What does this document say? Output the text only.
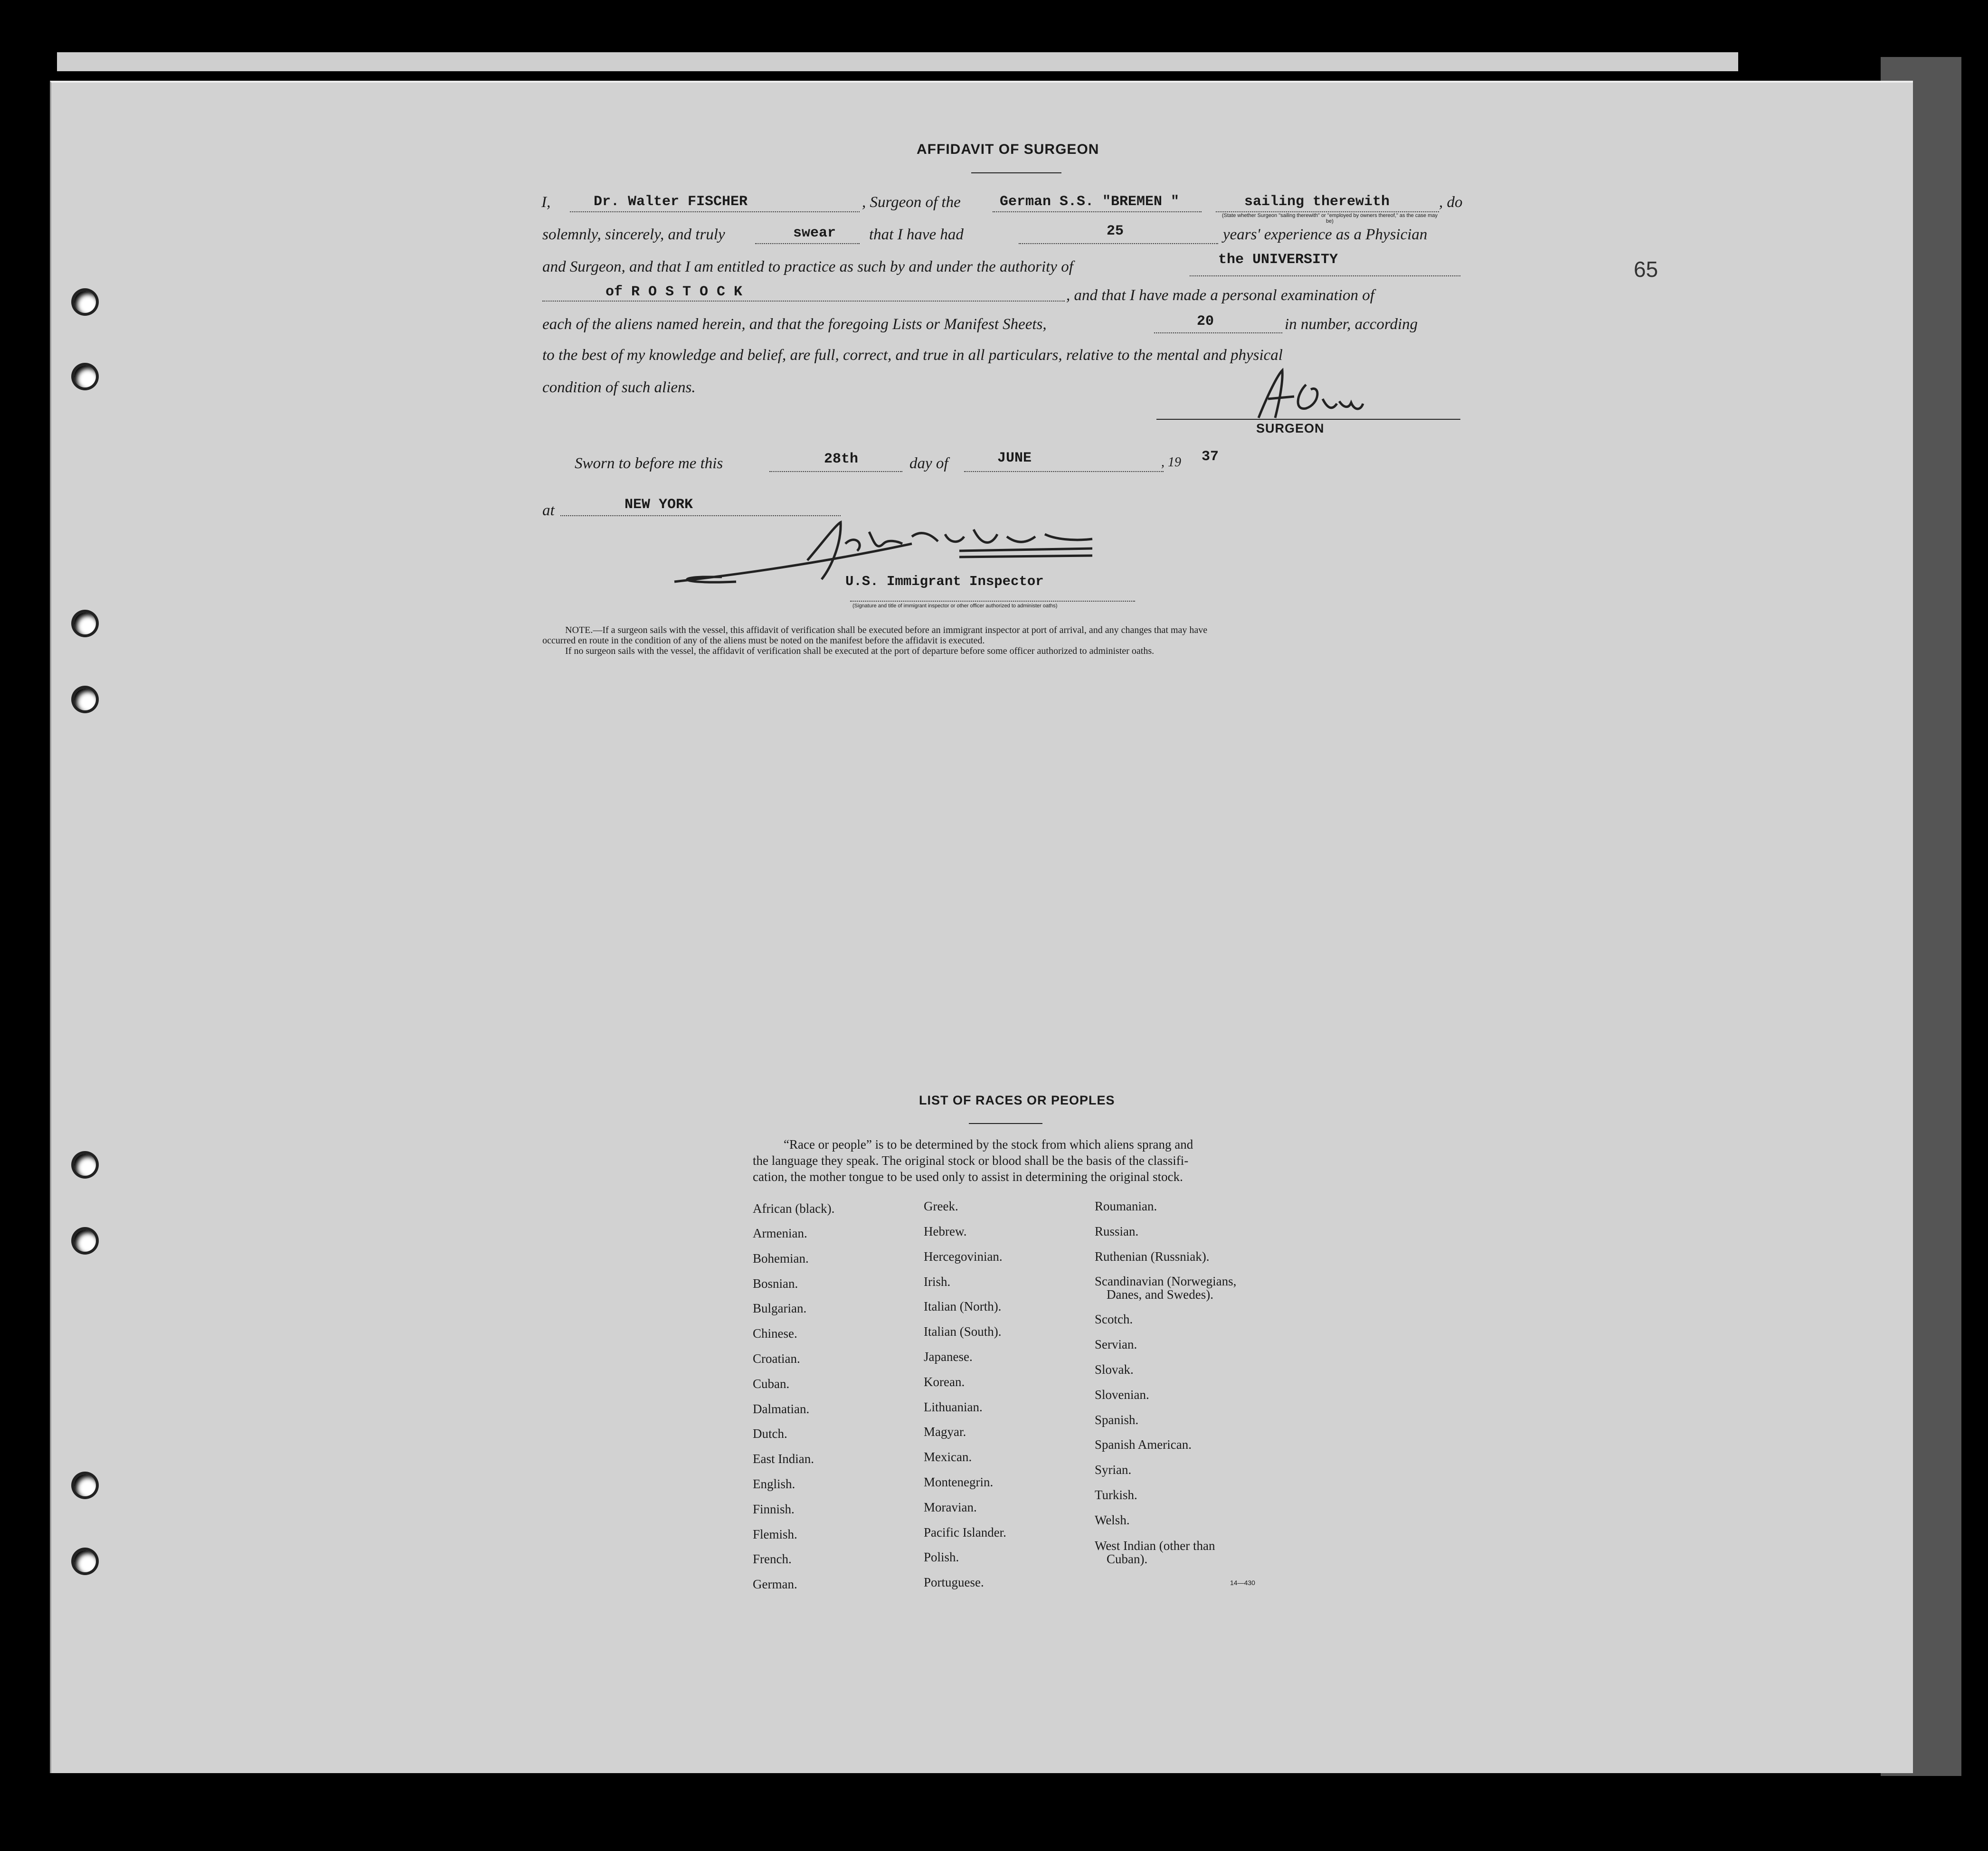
65
AFFIDAVIT OF SURGEON
I,	Dr. Walter FISCHER	, Surgeon of the	German S.S. "BREMEN "	sailing therewith	, do
(State whether Surgeon "sailing therewith" or "employed by owners thereof," as the case may be)
solemnly, sincerely, and truly	swear that I have had	25	years' experience as a Physician
and Surgeon, and that I am entitled to practice as such by and under the authority of	the UNIVERSITY
of R O S T O C K	, and that I have made a personal examination of
each of the aliens named herein, and that the foregoing Lists or Manifest Sheets,	20	in number, according
to the best of my knowledge and belief, are full, correct, and true in all particulars, relative to the mental and physical
condition of such aliens.
SURGEON
Sworn to before me this	28th	day of	JUNE	, 19 37
at	NEW YORK
U.S. Immigrant Inspector
(Signature and title of immigrant inspector or other officer authorized to administer oaths)
NOTE.—If a surgeon sails with the vessel, this affidavit of verification shall be executed before an immigrant inspector at port of arrival, and any changes that may have
occurred en route in the condition of any of the aliens must be noted on the manifest before the affidavit is executed.
If no surgeon sails with the vessel, the affidavit of verification shall be executed at the port of departure before some officer authorized to administer oaths.
LIST OF RACES OR PEOPLES
“Race or people” is to be determined by the stock from which aliens sprang and
the language they speak. The original stock or blood shall be the basis of the classifi-
cation, the mother tongue to be used only to assist in determining the original stock.
African (black).
Armenian.
Bohemian.
Bosnian.
Bulgarian.
Chinese.
Croatian.
Cuban.
Dalmatian.
Dutch.
East Indian.
English.
Finnish.
Flemish.
French.
German.
Greek.
Hebrew.
Hercegovinian.
Irish.
Italian (North).
Italian (South).
Japanese.
Korean.
Lithuanian.
Magyar.
Mexican.
Montenegrin.
Moravian.
Pacific Islander.
Polish.
Portuguese.
Roumanian.
Russian.
Ruthenian (Russniak).
Scandinavian (Norwegians,
Danes, and Swedes).
Scotch.
Servian.
Slovak.
Slovenian.
Spanish.
Spanish American.
Syrian.
Turkish.
Welsh.
West Indian (other than
Cuban).
14—430
